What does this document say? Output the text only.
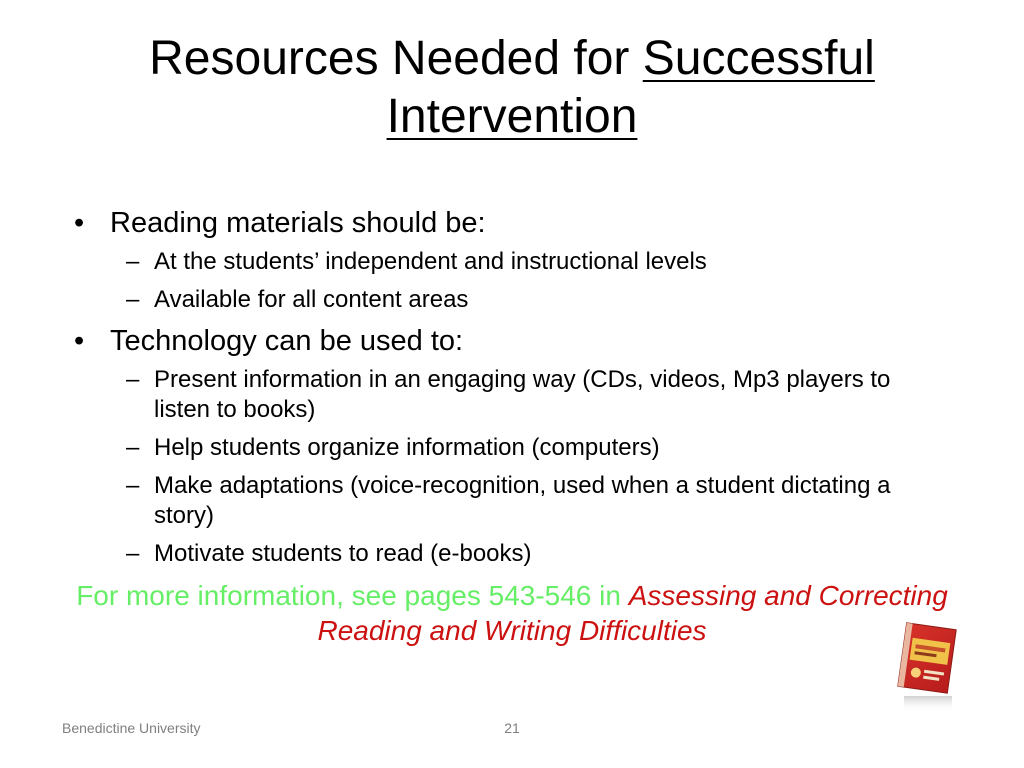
Resources Needed for Successful
Intervention
• Reading materials should be:
– At the students’ independent and instructional levels
– Available for all content areas
• Technology can be used to:
– Present information in an engaging way (CDs, videos, Mp3 players to listen to books)
– Help students organize information (computers)
– Make adaptations (voice-recognition, used when a student dictating a story)
– Motivate students to read (e-books)
For more information, see pages 543-546 in Assessing and Correcting Reading and Writing Difficulties
Benedictine University	21
